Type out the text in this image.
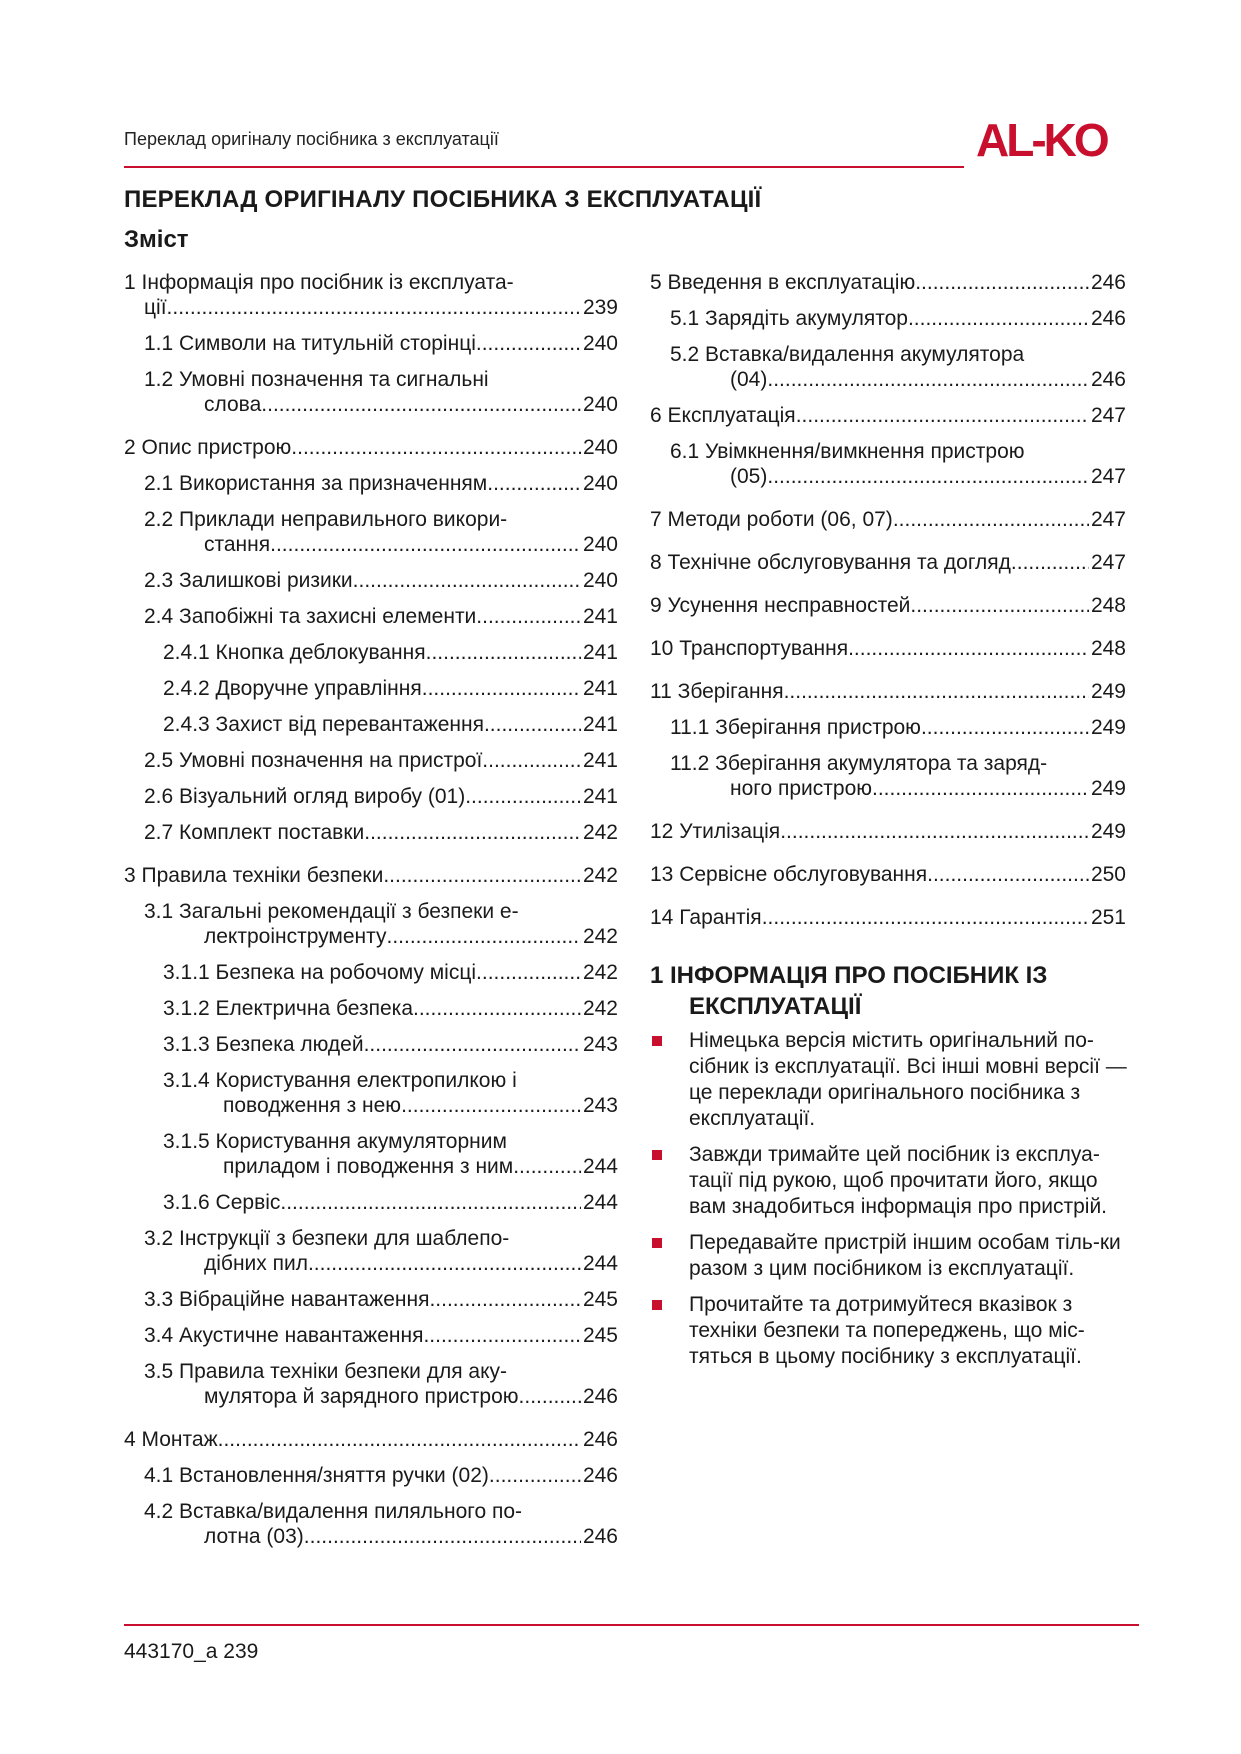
Переклад оригіналу посібника з експлуатації	AL-KO
ПЕРЕКЛАД ОРИГІНАЛУ ПОСІБНИКА З ЕКСПЛУАТАЦІЇ
Зміст
1 Інформація про посібник із експлуата-
ції .....	239
1.1 Символи на титульній сторінці .....	240
1.2 Умовні позначення та сигнальні
слова .....	240
2 Опис пристрою .....	240
2.1 Використання за призначенням .....	240
2.2 Приклади неправильного викори-
стання .....	240
2.3 Залишкові ризики .....	240
2.4 Запобіжні та захисні елементи .....	241
2.4.1 Кнопка деблокування .....	241
2.4.2 Дворучне управління .....	241
2.4.3 Захист від перевантаження .....	241
2.5 Умовні позначення на пристрої .....	241
2.6 Візуальний огляд виробу (01) .....	241
2.7 Комплект поставки .....	242
3 Правила техніки безпеки .....	242
3.1 Загальні рекомендації з безпеки е-
лектроінструменту .....	242
3.1.1 Безпека на робочому місці .....	242
3.1.2 Електрична безпека .....	242
3.1.3 Безпека людей .....	243
3.1.4 Користування електропилкою і
поводження з нею .....	243
3.1.5 Користування акумуляторним
приладом і поводження з ним .....	244
3.1.6 Сервіс .....	244
3.2 Інструкції з безпеки для шаблепо-
дібних пил .....	244
3.3 Вібраційне навантаження .....	245
3.4 Акустичне навантаження .....	245
3.5 Правила техніки безпеки для аку-
мулятора й зарядного пристрою .....	246
4 Монтаж .....	246
4.1 Встановлення/зняття ручки (02) .....	246
4.2 Вставка/видалення пиляльного по-
лотна (03) .....	246
5 Введення в експлуатацію .....	246
5.1 Зарядіть акумулятор .....	246
5.2 Вставка/видалення акумулятора
(04) .....	246
6 Експлуатація .....	247
6.1 Увімкнення/вимкнення пристрою
(05) .....	247
7 Методи роботи (06, 07) .....	247
8 Технічне обслуговування та догляд .....	247
9 Усунення несправностей .....	248
10 Транспортування .....	248
11 Зберігання .....	249
11.1 Зберігання пристрою .....	249
11.2 Зберігання акумулятора та заряд-
ного пристрою .....	249
12 Утилізація .....	249
13 Сервісне обслуговування .....	250
14 Гарантія .....	251
1 ІНФОРМАЦІЯ ПРО ПОСІБНИК ІЗ
ЕКСПЛУАТАЦІЇ
Німецька версія містить оригінальний по-сібник із експлуатації. Всі інші мовні версії — це переклади оригінального посібника з експлуатації.
Завжди тримайте цей посібник із експлуа-тації під рукою, щоб прочитати його, якщо вам знадобиться інформація про пристрій.
Передавайте пристрій іншим особам тіль-ки разом з цим посібником із експлуатації.
Прочитайте та дотримуйтеся вказівок з техніки безпеки та попереджень, що міс-тяться в цьому посібнику з експлуатації.
443170_a 239
